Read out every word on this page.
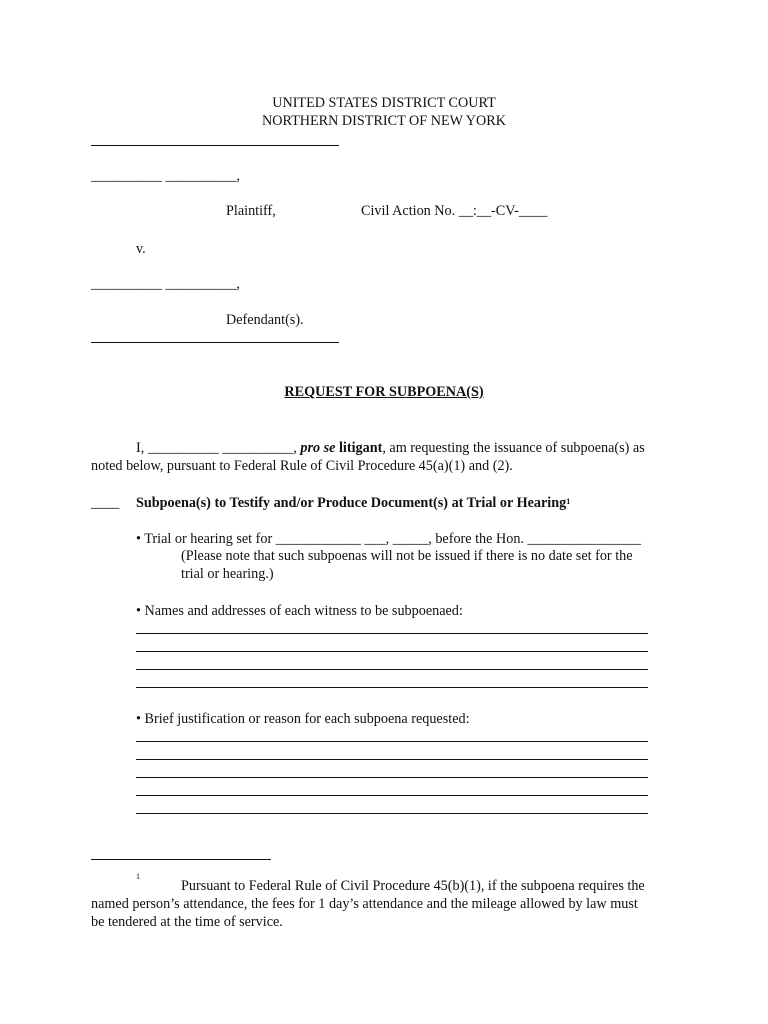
UNITED STATES DISTRICT COURT
NORTHERN DISTRICT OF NEW YORK
__________ __________,
Plaintiff,	Civil Action No. __:__-CV-____
v.
__________ __________,
Defendant(s).
REQUEST FOR SUBPOENA(S)
I, __________ __________, pro se litigant, am requesting the issuance of subpoena(s) as
noted below, pursuant to Federal Rule of Civil Procedure 45(a)(1) and (2).
____ Subpoena(s) to Testify and/or Produce Document(s) at Trial or Hearing$^1$
• Trial or hearing set for ____________ ___, _____, before the Hon. ________________
(Please note that such subpoenas will not be issued if there is no date set for the
trial or hearing.)
• Names and addresses of each witness to be subpoenaed:
• Brief justification or reason for each subpoena requested:
1
Pursuant to Federal Rule of Civil Procedure 45(b)(1), if the subpoena requires the
named person’s attendance, the fees for 1 day’s attendance and the mileage allowed by law must
be tendered at the time of service.
